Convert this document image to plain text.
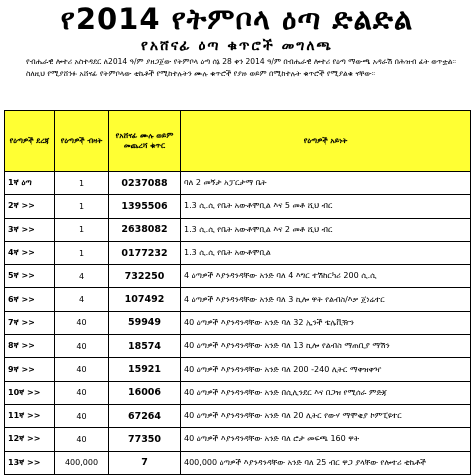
የ2014 የትምቦላ ዕጣ ድልድል
የአሸናፊ ዕጣ ቁጥሮች መግለጫ

የብሔራዊ ሎተሪ አስተዳደር ለ2014 ዓ/ም ያዘጋጀው የትምቦላ ዕጣ ሰኔ 28 ቀን 2014 ዓ/ም በብሔራዊ ሎተሪ የዕጣ ማውጫ አዳራሽ በሕዝብ ፊት ወጥቷል።

ስለዚህ የሚያሸንፉ አሸናፊ የትምቦላው ቲኬቶች የሚከተሉትን ሙሉ ቁጥሮች የያዙ ወይም በሚከተሉት ቁጥሮች የሚያልቁ ናቸው።

የዕጣዎች ደረጃ	የዕጣዎች ብዛት	የአሸናፊ ሙሉ ወይም መጨረሻ ቁጥር	የዕጣዎች አይነት
1ኛ ዕጣ	1	0237088	ባለ 2 መኝታ አፓርታማ ቤት
2ኛ >>	1	1395506	1.3 ሲ.ሲ የቤት አውቶሞቢል እና 5 መቶ ሺህ ብር
3ኛ >>	1	2638082	1.3 ሲ.ሲ የቤት አውቶሞቢል እና 2 መቶ ሺህ ብር
4ኛ >>	1	0177232	1.3 ሲ.ሲ የቤት አውቶሞቢል
5ኛ >>	4	732250	4 ዕጣዎች እያንዳንዳቸው አንድ ባለ 4 እግር ተሽከርካሪ 200 ሲ.ሲ
6ኛ >>	4	107492	4 ዕጣዎች እያንዳንዳቸው አንድ ባለ 3 ኪሎ ዋት የልብስ/እቃ ጀነሬተር
7ኛ >>	40	59949	40 ዕጣዎች እያንዳንዳቸው አንድ ባለ 32 ኢንች ቴሌቪዥን
8ኛ >>	40	18574	40 ዕጣዎች እያንዳንዳቸው አንድ ባለ 13 ኪሎ የልብስ ማጠቢያ ማሽን
9ኛ >>	40	15921	40 ዕጣዎች እያንዳንዳቸው አንድ ባለ 200 -240 ሊትር ማቀዝቀዣ
10ኛ >>	40	16006	40 ዕጣዎች እያንዳንዳቸው አንድ በሲሊንደር እና በጋዝ የሚሰራ ምድጃ
11ኛ >>	40	67264	40 ዕጣዎች እያንዳንዳቸው አንድ ባለ 20 ሊትር የውሃ ማሞቂያ ኮምፒዩተር
12ኛ >>	40	77350	40 ዕጣዎች እያንዳንዳቸው አንድ ባለ ሮታ መፍጫ 160 ዋት
13ኛ >>	400,000	7	400,000 ዕጣዎች እያንዳንዳቸው አንድ ባለ 25 ብር ዋጋ ያላቸው የሎተሪ ቲኬቶች
